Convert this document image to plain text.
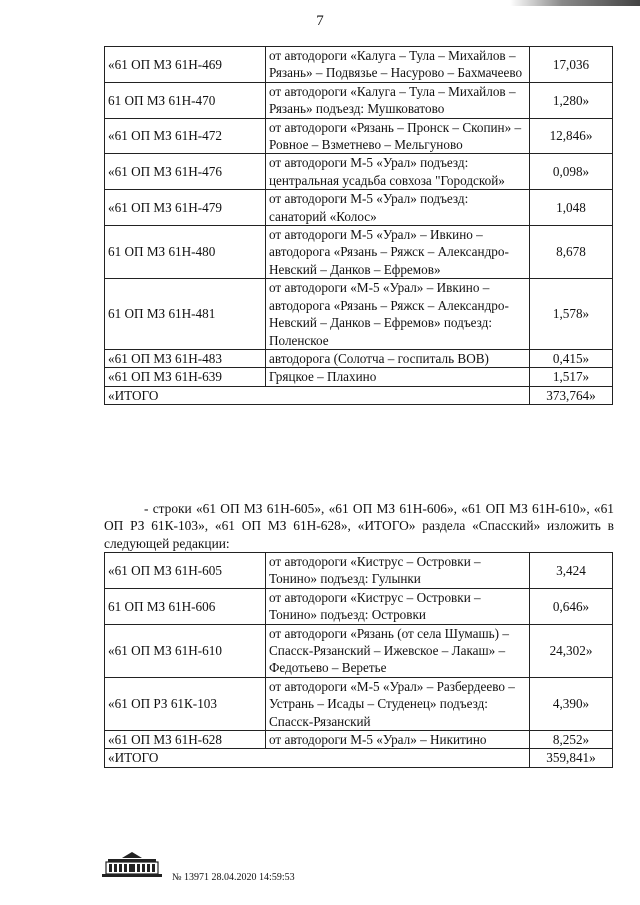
7
«61 ОП МЗ 61Н-469	от автодороги «Калуга – Тула – Михайлов – Рязань» – Подвязье – Насурово – Бахмачеево	17,036
61 ОП МЗ 61Н-470	от автодороги «Калуга – Тула – Михайлов – Рязань» подъезд: Мушковатово	1,280»
«61 ОП МЗ 61Н-472	от автодороги «Рязань – Пронск – Скопин» – Ровное – Взметнево – Мельгуново	12,846»
«61 ОП МЗ 61Н-476	от автодороги М-5 «Урал» подъезд: центральная усадьба совхоза "Городской»	0,098»
«61 ОП МЗ 61Н-479	от автодороги М-5 «Урал» подъезд: санаторий «Колос»	1,048
61 ОП МЗ 61Н-480	от автодороги М-5 «Урал» – Ивкино – автодорога «Рязань – Ряжск – Александро-Невский – Данков – Ефремов»	8,678
61 ОП МЗ 61Н-481	от автодороги «М-5 «Урал» – Ивкино – автодорога «Рязань – Ряжск – Александро-Невский – Данков – Ефремов» подъезд: Поленское	1,578»
«61 ОП МЗ 61Н-483	автодорога (Солотча – госпиталь ВОВ)	0,415»
«61 ОП МЗ 61Н-639	Гряцкое – Плахино	1,517»
«ИТОГО		373,764»
- строки «61 ОП МЗ 61Н-605», «61 ОП МЗ 61Н-606», «61 ОП МЗ 61Н-610», «61 ОП РЗ 61К-103», «61 ОП МЗ 61Н-628», «ИТОГО» раздела «Спасский» изложить в следующей редакции:
«61 ОП МЗ 61Н-605	от автодороги «Киструс – Островки – Тонино» подъезд: Гулынки	3,424
61 ОП МЗ 61Н-606	от автодороги «Киструс – Островки – Тонино» подъезд: Островки	0,646»
«61 ОП МЗ 61Н-610	от автодороги «Рязань (от села Шумашь) – Спасск-Рязанский – Ижевское – Лакаш» – Федотьево – Веретье	24,302»
«61 ОП РЗ 61К-103	от автодороги «М-5 «Урал» – Разбердеево – Устрань – Исады – Студенец» подъезд: Спасск-Рязанский	4,390»
«61 ОП МЗ 61Н-628	от автодороги М-5 «Урал» – Никитино	8,252»
«ИТОГО		359,841»
№ 13971 28.04.2020 14:59:53
